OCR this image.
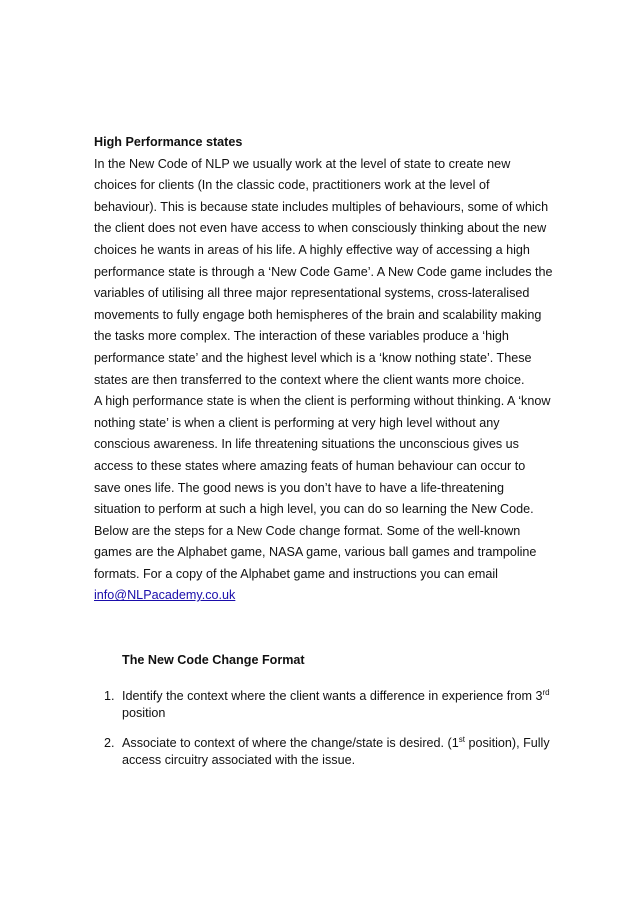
High Performance states

In the New Code of NLP we usually work at the level of state to create new choices for clients (In the classic code, practitioners work at the level of behaviour). This is because state includes multiples of behaviours, some of which the client does not even have access to when consciously thinking about the new choices he wants in areas of his life. A highly effective way of accessing a high performance state is through a ‘New Code Game’. A New Code game includes the variables of utilising all three major representational systems, cross-lateralised movements to fully engage both hemispheres of the brain and scalability making the tasks more complex. The interaction of these variables produce a ‘high performance state’ and the highest level which is a ‘know nothing state’. These states are then transferred to the context where the client wants more choice.

A high performance state is when the client is performing without thinking. A ‘know nothing state’ is when a client is performing at very high level without any conscious awareness. In life threatening situations the unconscious gives us access to these states where amazing feats of human behaviour can occur to save ones life. The good news is you don’t have to have a life-threatening situation to perform at such a high level, you can do so learning the New Code. Below are the steps for a New Code change format. Some of the well-known games are the Alphabet game, NASA game, various ball games and trampoline formats. For a copy of the Alphabet game and instructions you can email
info@NLPacademy.co.uk

The New Code Change Format

1. Identify the context where the client wants a difference in experience from 3rd position
2. Associate to context of where the change/state is desired. (1st position), Fully access circuitry associated with the issue.
